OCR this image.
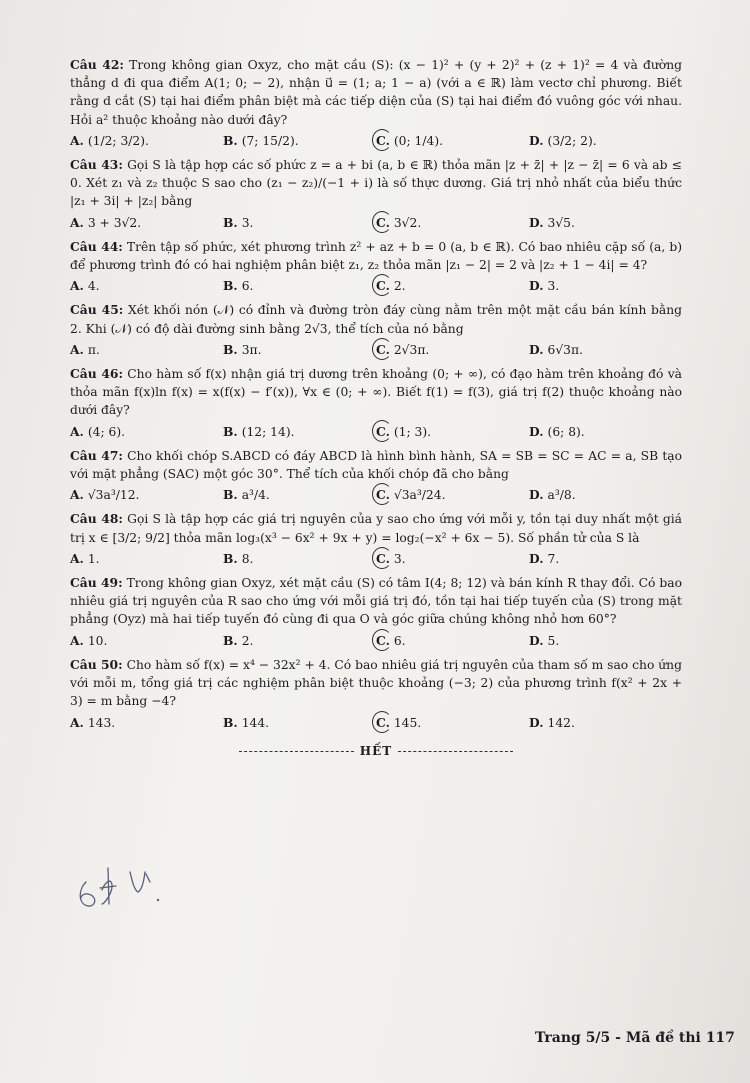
Câu 42: Trong không gian Oxyz, cho mặt cầu (S): (x − 1)² + (y + 2)² + (z + 1)² = 4 và đường thẳng d đi qua điểm A(1; 0; − 2), nhận u⃗ = (1; a; 1 − a) (với a ∈ ℝ) làm vectơ chỉ phương. Biết rằng d cắt (S) tại hai điểm phân biệt mà các tiếp diện của (S) tại hai điểm đó vuông góc với nhau. Hỏi a² thuộc khoảng nào dưới đây?

A. (1/2; 3/2).	B. (7; 15/2).	C. (0; 1/4).	D. (3/2; 2).

Câu 43: Gọi S là tập hợp các số phức z = a + bi (a, b ∈ ℝ) thỏa mãn |z + z̄| + |z − z̄| = 6 và ab ≤ 0. Xét z₁ và z₂ thuộc S sao cho (z₁ − z₂)/(−1 + i) là số thực dương. Giá trị nhỏ nhất của biểu thức |z₁ + 3i| + |z₂| bằng

A. 3 + 3√2.	B. 3.	C. 3√2.	D. 3√5.

Câu 44: Trên tập số phức, xét phương trình z² + az + b = 0 (a, b ∈ ℝ). Có bao nhiêu cặp số (a, b) để phương trình đó có hai nghiệm phân biệt z₁, z₂ thỏa mãn |z₁ − 2| = 2 và |z₂ + 1 − 4i| = 4?

A. 4.	B. 6.	C. 2.	D. 3.

Câu 45: Xét khối nón (𝒩) có đỉnh và đường tròn đáy cùng nằm trên một mặt cầu bán kính bằng 2. Khi (𝒩) có độ dài đường sinh bằng 2√3, thể tích của nó bằng

A. π.	B. 3π.	C. 2√3π.	D. 6√3π.

Câu 46: Cho hàm số f(x) nhận giá trị dương trên khoảng (0; + ∞), có đạo hàm trên khoảng đó và thỏa mãn f(x)ln f(x) = x(f(x) − f′(x)), ∀x ∈ (0; + ∞). Biết f(1) = f(3), giá trị f(2) thuộc khoảng nào dưới đây?

A. (4; 6).	B. (12; 14).	C. (1; 3).	D. (6; 8).

Câu 47: Cho khối chóp S.ABCD có đáy ABCD là hình bình hành, SA = SB = SC = AC = a, SB tạo với mặt phẳng (SAC) một góc 30°. Thể tích của khối chóp đã cho bằng

A. √3a³/12.	B. a³/4.	C. √3a³/24.	D. a³/8.

Câu 48: Gọi S là tập hợp các giá trị nguyên của y sao cho ứng với mỗi y, tồn tại duy nhất một giá trị x ∈ [3/2; 9/2] thỏa mãn log₃(x³ − 6x² + 9x + y) = log₂(−x² + 6x − 5). Số phần tử của S là

A. 1.	B. 8.	C. 3.	D. 7.

Câu 49: Trong không gian Oxyz, xét mặt cầu (S) có tâm I(4; 8; 12) và bán kính R thay đổi. Có bao nhiêu giá trị nguyên của R sao cho ứng với mỗi giá trị đó, tồn tại hai tiếp tuyến của (S) trong mặt phẳng (Oyz) mà hai tiếp tuyến đó cùng đi qua O và góc giữa chúng không nhỏ hơn 60°?

A. 10.	B. 2.	C. 6.	D. 5.

Câu 50: Cho hàm số f(x) = x⁴ − 32x² + 4. Có bao nhiêu giá trị nguyên của tham số m sao cho ứng với mỗi m, tổng giá trị các nghiệm phân biệt thuộc khoảng (−3; 2) của phương trình f(x² + 2x + 3) = m bằng −4?

A. 143.	B. 144.	C. 145.	D. 142.
HẾT
Trang 5/5 - Mã đề thi 117
